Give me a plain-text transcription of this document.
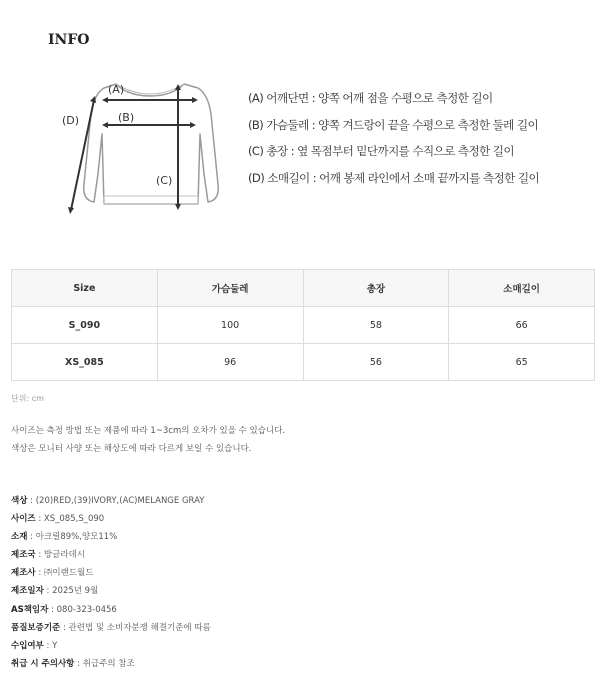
INFO
(A)
(B)
(C)
(D)
(A) 어깨단면 : 양쪽 어깨 점을 수평으로 측정한 길이
(B) 가슴둘레 : 양쪽 겨드랑이 끝을 수평으로 측정한 둘레 길이
(C) 총장 : 옆 목점부터 밑단까지를 수직으로 측정한 길이
(D) 소매길이 : 어깨 봉제 라인에서 소매 끝까지를 측정한 길이
Size	가슴둘레	총장	소매길이
S_090	100	58	66
XS_085	96	56	65
단위: cm
사이즈는 측정 방법 또는 제품에 따라 1~3cm의 오차가 있을 수 있습니다.
색상은 모니터 사양 또는 해상도에 따라 다르게 보일 수 있습니다.
색상 : (20)RED,(39)IVORY,(AC)MELANGE GRAY
사이즈 : XS_085,S_090
소재 : 아크릴89%,양모11%
제조국 : 방글라데시
제조사 : ㈜이랜드월드
제조일자 : 2025년 9월
AS책임자 : 080-323-0456
품질보증기준 : 관련법 및 소비자분쟁 해결기준에 따름
수입여부 : Y
취급 시 주의사항 : 취급주의 참조
